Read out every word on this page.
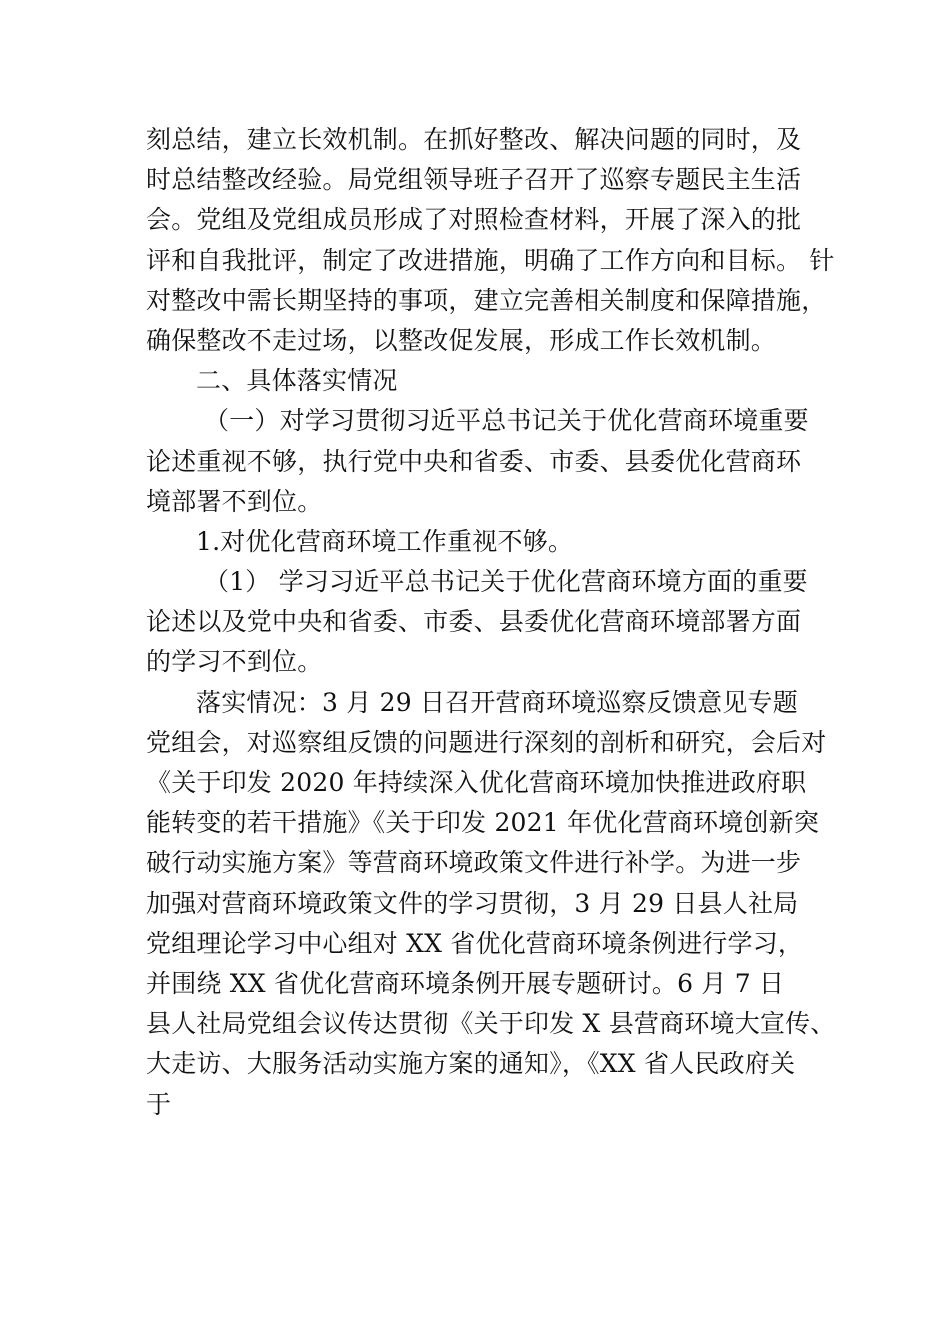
刻总结，建立长效机制。在抓好整改、解决问题的同时，及
时总结整改经验。局党组领导班子召开了巡察专题民主生活
会。党组及党组成员形成了对照检查材料，开展了深入的批
评和自我批评，制定了改进措施，明确了工作方向和目标。 针
对整改中需长期坚持的事项，建立完善相关制度和保障措施，
确保整改不走过场，以整改促发展，形成工作长效机制。
二、具体落实情况
（一）对学习贯彻习近平总书记关于优化营商环境重要
论述重视不够，执行党中央和省委、市委、县委优化营商环
境部署不到位。
1.对优化营商环境工作重视不够。
（1） 学习习近平总书记关于优化营商环境方面的重要
论述以及党中央和省委、市委、县委优化营商环境部署方面
的学习不到位。
落实情况：3 月 29 日召开营商环境巡察反馈意见专题
党组会，对巡察组反馈的问题进行深刻的剖析和研究，会后对
《关于印发 2020 年持续深入优化营商环境加快推进政府职
能转变的若干措施》《关于印发 2021 年优化营商环境创新突
破行动实施方案》等营商环境政策文件进行补学。为进一步
加强对营商环境政策文件的学习贯彻，3 月 29 日县人社局
党组理论学习中心组对 XX 省优化营商环境条例进行学习，
并围绕 XX 省优化营商环境条例开展专题研讨。6 月 7 日
县人社局党组会议传达贯彻《关于印发 X 县营商环境大宣传、
大走访、大服务活动实施方案的通知》，《XX 省人民政府关
于
